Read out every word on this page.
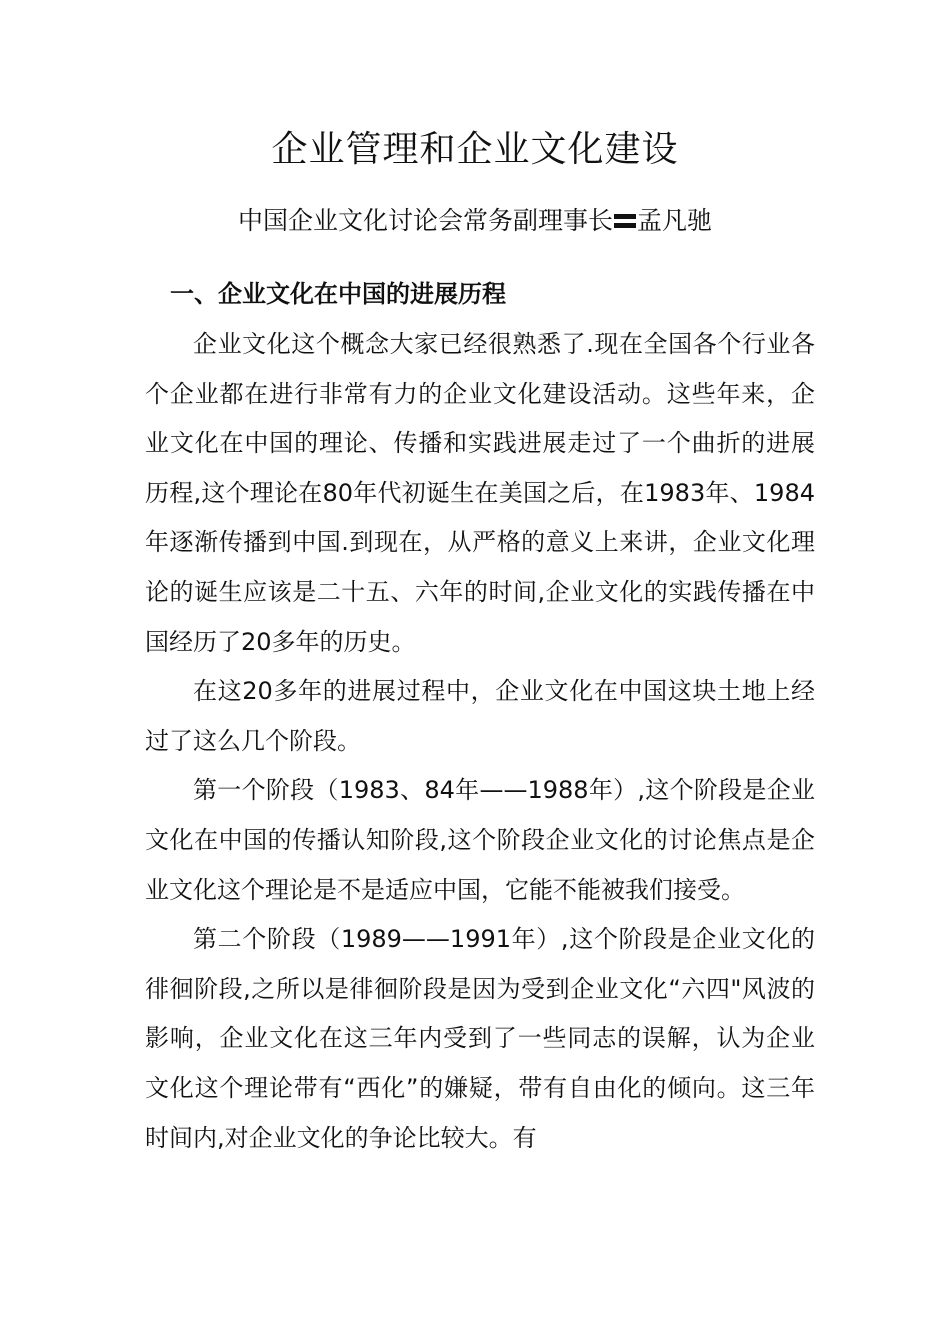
企业管理和企业文化建设
中国企业文化讨论会常务副理事长 孟凡驰
一、企业文化在中国的进展历程

企业文化这个概念大家已经很熟悉了.现在全国各个行业各个企业都在进行非常有力的企业文化建设活动。这些年来，企业文化在中国的理论、传播和实践进展走过了一个曲折的进展历程,这个理论在80年代初诞生在美国之后，在1983年、1984年逐渐传播到中国.到现在，从严格的意义上来讲，企业文化理论的诞生应该是二十五、六年的时间,企业文化的实践传播在中国经历了20多年的历史。

在这20多年的进展过程中，企业文化在中国这块土地上经过了这么几个阶段。

第一个阶段（1983、84年——1988年）,这个阶段是企业文化在中国的传播认知阶段,这个阶段企业文化的讨论焦点是企业文化这个理论是不是适应中国，它能不能被我们接受。

第二个阶段（1989——1991年）,这个阶段是企业文化的徘徊阶段,之所以是徘徊阶段是因为受到企业文化“六四"风波的影响，企业文化在这三年内受到了一些同志的误解，认为企业文化这个理论带有“西化”的嫌疑，带有自由化的倾向。这三年时间内,对企业文化的争论比较大。有
